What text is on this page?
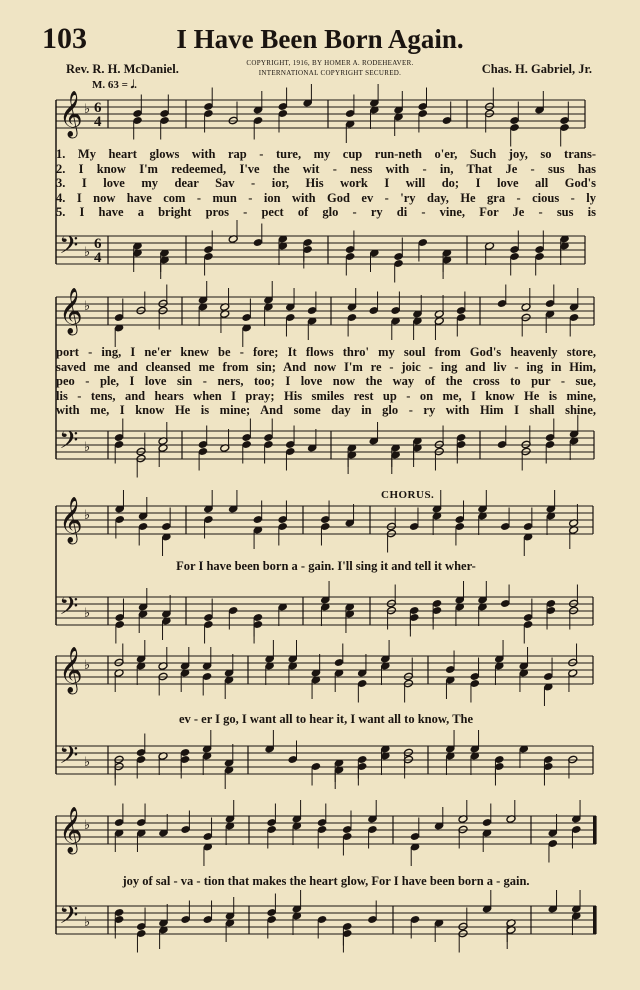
103	I Have Been Born Again.
Rev. R. H. McDaniel.	COPYRIGHT, 1916, BY HOMER A. RODEHEAVER.
INTERNATIONAL COPYRIGHT SECURED.	Chas. H. Gabriel, Jr.
M. 63 = 𝅗𝅥.
CHORUS.
𝄞
𝄢
♭
♭
6
6
4
4
𝄞
𝄢
♭
♭
𝄞
𝄢
♭
♭
𝄞
𝄢
♭
♭
𝄞
𝄢
♭
♭
1. My heart glows with rap - ture, my cup run-neth o'er, Such joy, so trans-
2. I know I'm redeemed, I've the wit - ness with - in, That Je - sus has
3. I love my dear Sav - ior, His work I will do; I love all God's
4. I now have com - mun - ion with God ev - 'ry day, He gra - cious - ly
5. I have a bright pros - pect of glo - ry di - vine, For Je - sus is
port - ing, I ne'er knew be - fore; It flows thro' my soul from God's heavenly store,
saved me and cleansed me from sin; And now I'm re - joic - ing and liv - ing in Him,
peo - ple, I love sin - ners, too; I love now the way of the cross to pur - sue,
lis - tens, and hears when I pray; His smiles rest up - on me, I know He is mine,
with me, I know He is mine; And some day in glo - ry with Him I shall shine,
For I have been born a - gain. I'll sing it and tell it wher-
ev - er I go, I want all to hear it, I want all to know, The
joy of sal - va - tion that makes the heart glow, For I have been born a - gain.
